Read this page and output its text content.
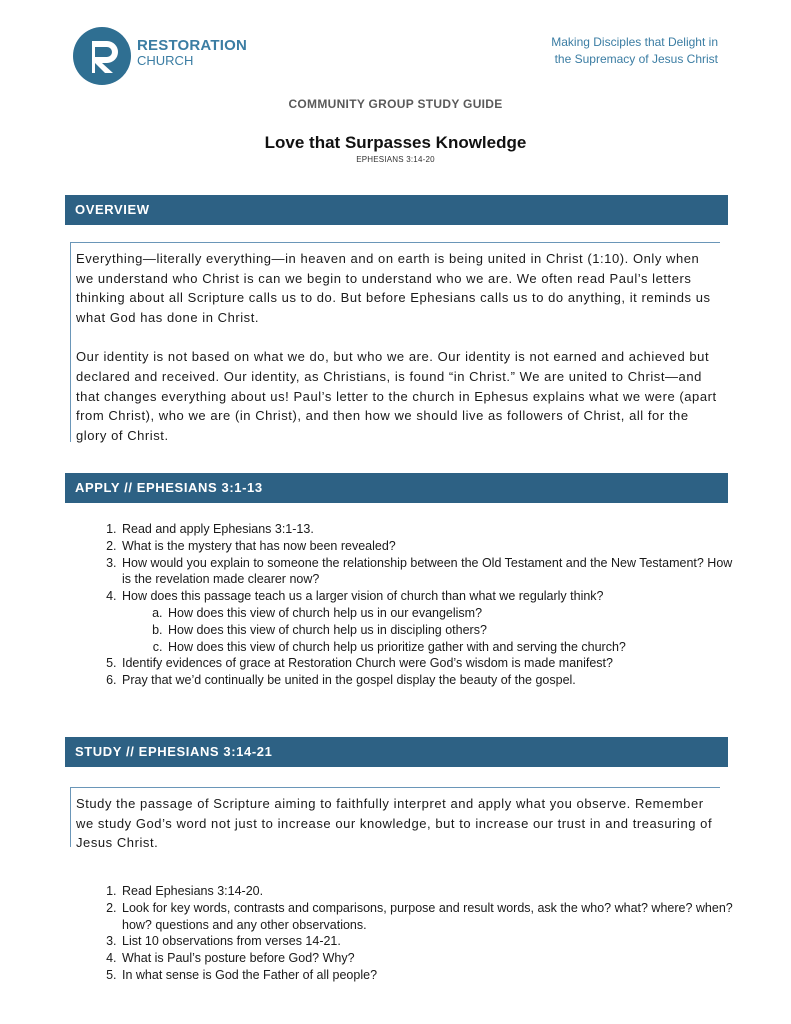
RESTORATION
CHURCH
Making Disciples that Delight in
the Supremacy of Jesus Christ
COMMUNITY GROUP STUDY GUIDE
Love that Surpasses Knowledge
EPHESIANS 3:14-20
OVERVIEW

Everything—literally everything—in heaven and on earth is being united in Christ (1:10). Only when we understand who Christ is can we begin to understand who we are. We often read Paul’s letters thinking about all Scripture calls us to do. But before Ephesians calls us to do anything, it reminds us what God has done in Christ.

Our identity is not based on what we do, but who we are. Our identity is not earned and achieved but declared and received. Our identity, as Christians, is found “in Christ.” We are united to Christ—and that changes everything about us! Paul’s letter to the church in Ephesus explains what we were (apart from Christ), who we are (in Christ), and then how we should live as followers of Christ, all for the glory of Christ.

APPLY // EPHESIANS 3:1-13
1. Read and apply Ephesians 3:1-13.
2. What is the mystery that has now been revealed?
3. How would you explain to someone the relationship between the Old Testament and the New Testament? How is the revelation made clearer now?
4. How does this passage teach us a larger vision of church than what we regularly think?
a. How does this view of church help us in our evangelism?
b. How does this view of church help us in discipling others?
c. How does this view of church help us prioritize gather with and serving the church?
5. Identify evidences of grace at Restoration Church were God’s wisdom is made manifest?
6. Pray that we’d continually be united in the gospel display the beauty of the gospel.
STUDY // EPHESIANS 3:14-21

Study the passage of Scripture aiming to faithfully interpret and apply what you observe. Remember we study God’s word not just to increase our knowledge, but to increase our trust in and treasuring of Jesus Christ.

1. Read Ephesians 3:14-20.
2. Look for key words, contrasts and comparisons, purpose and result words, ask the who? what? where? when? how? questions and any other observations.
3. List 10 observations from verses 14-21.
4. What is Paul’s posture before God? Why?
5. In what sense is God the Father of all people?
